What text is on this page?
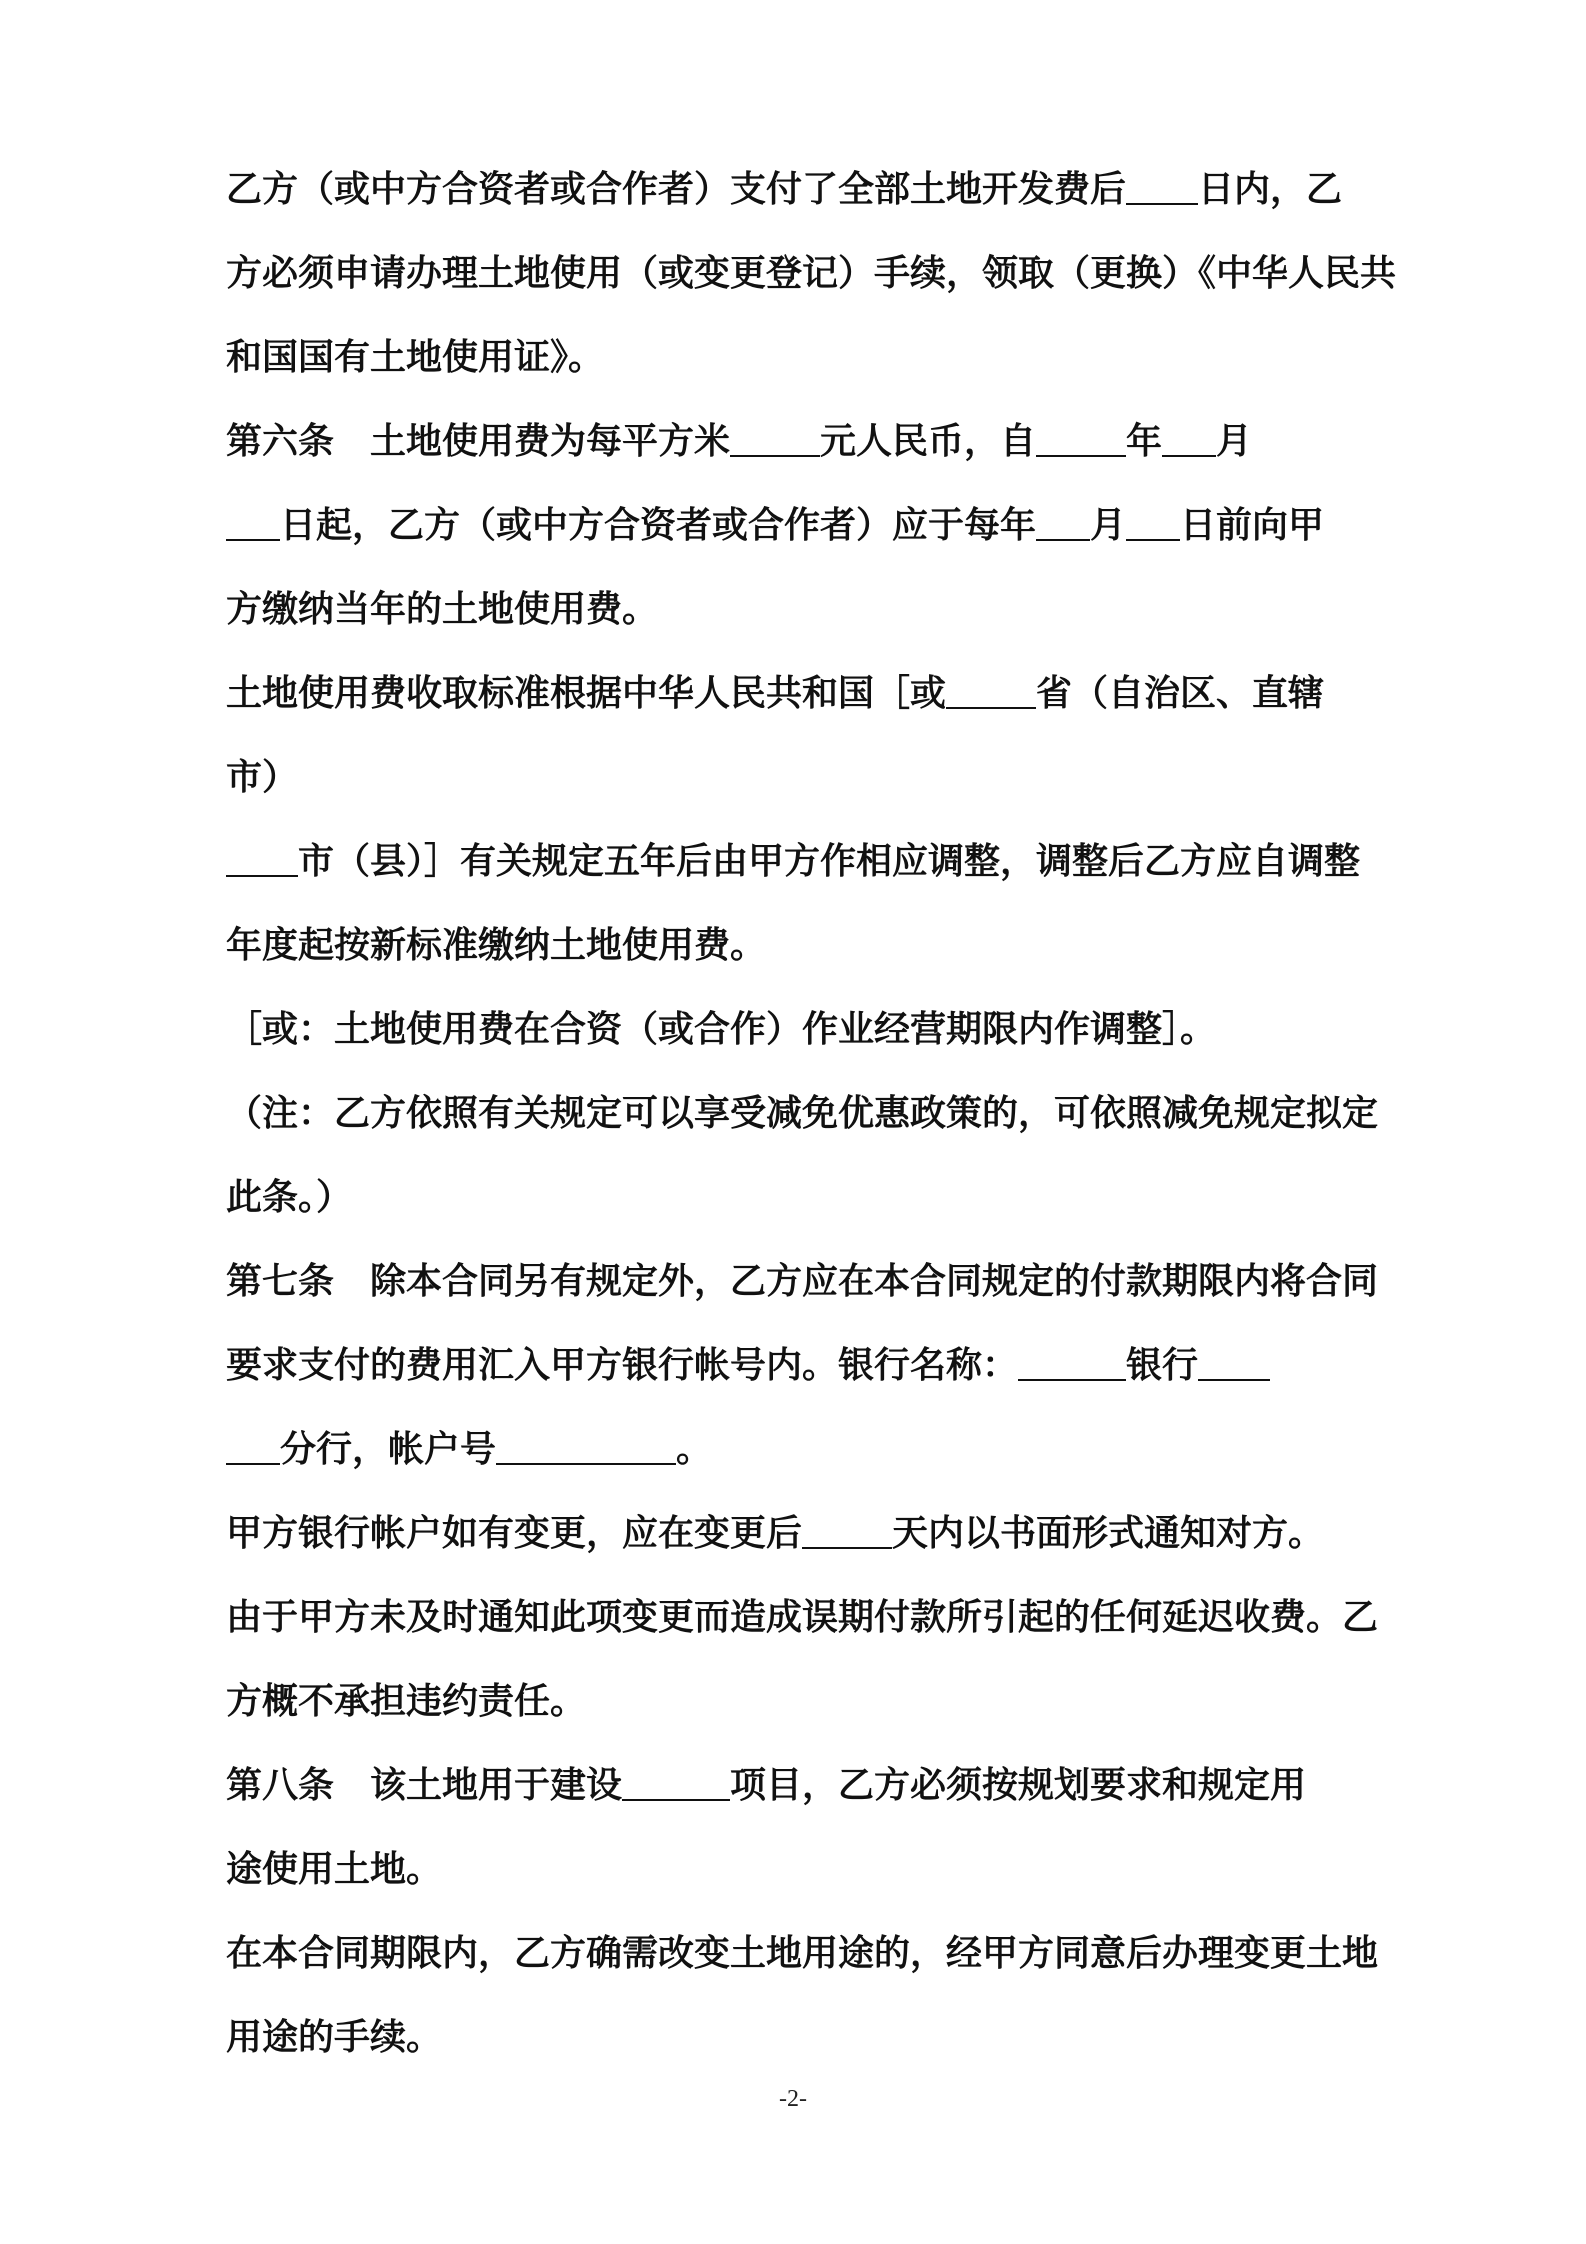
乙方（或中方合资者或合作者）支付了全部土地开发费后 日内，乙
方必须申请办理土地使用（或变更登记）手续，领取（更换）《中华人民共
和国国有土地使用证》。
第六条　土地使用费为每平方米	元人民币，自	年 月
日起，乙方（或中方合资者或合作者）应于每年 月 日前向甲
方缴纳当年的土地使用费。
土地使用费收取标准根据中华人民共和国［或	省（自治区、直辖
市）
市（县）］有关规定五年后由甲方作相应调整，调整后乙方应自调整
年度起按新标准缴纳土地使用费。
［或：土地使用费在合资（或合作）作业经营期限内作调整］。
（注：乙方依照有关规定可以享受减免优惠政策的，可依照减免规定拟定
此条。）
第七条　除本合同另有规定外，乙方应在本合同规定的付款期限内将合同
要求支付的费用汇入甲方银行帐号内。银行名称：	银行
分行，帐户号	。
甲方银行帐户如有变更，应在变更后	天内以书面形式通知对方。
由于甲方未及时通知此项变更而造成误期付款所引起的任何延迟收费。乙
方概不承担违约责任。
第八条　该土地用于建设	项目，乙方必须按规划要求和规定用
途使用土地。
在本合同期限内，乙方确需改变土地用途的，经甲方同意后办理变更土地
用途的手续。
-2-
